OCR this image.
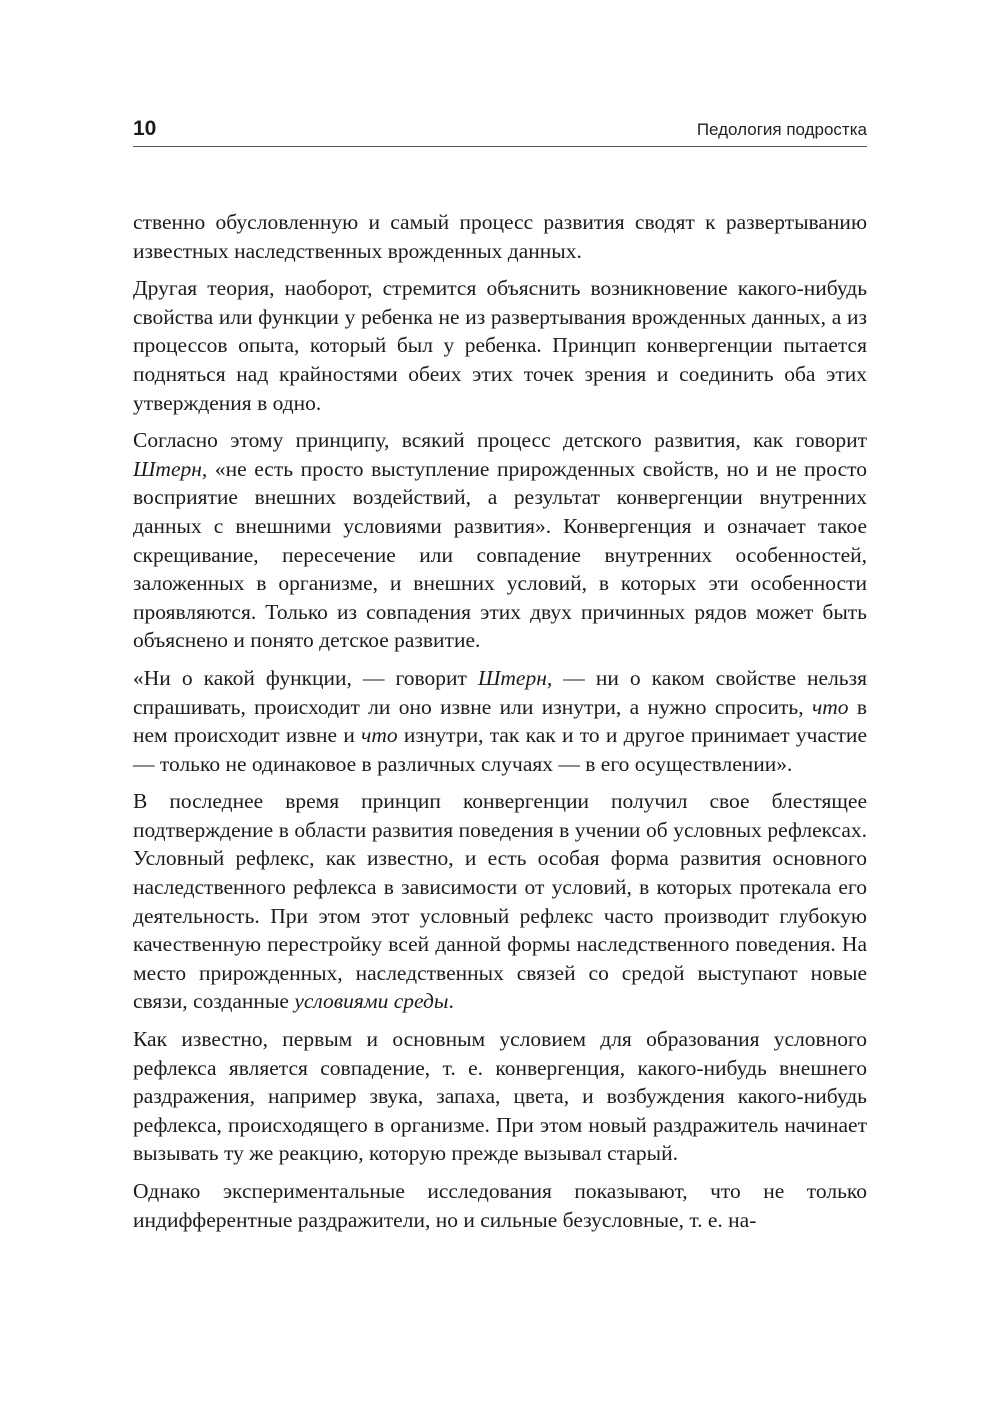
10	Педология подростка

ственно обусловленную и самый процесс развития сводят к развертыванию известных наследственных врожденных данных.

Другая теория, наоборот, стремится объяснить возникновение какого-нибудь свойства или функции у ребенка не из развертывания врожденных данных, а из процессов опыта, который был у ребенка. Принцип конвергенции пытается подняться над крайностями обеих этих точек зрения и соединить оба этих утверждения в одно.

Согласно этому принципу, всякий процесс детского развития, как говорит Штерн, «не есть просто выступление прирожденных свойств, но и не просто восприятие внешних воздействий, а результат конвергенции внутренних данных с внешними условиями развития». Конвергенция и означает такое скрещивание, пересечение или совпадение внутренних особенностей, заложенных в организме, и внешних условий, в которых эти особенности проявляются. Только из совпадения этих двух причинных рядов может быть объяснено и понято детское развитие.

«Ни о какой функции, — говорит Штерн, — ни о каком свойстве нельзя спрашивать, происходит ли оно извне или изнутри, а нужно спросить, что в нем происходит извне и что изнутри, так как и то и другое принимает участие — только не одинаковое в различных случаях — в его осуществлении».

В последнее время принцип конвергенции получил свое блестящее подтверждение в области развития поведения в учении об условных рефлексах. Условный рефлекс, как известно, и есть особая форма развития основного наследственного рефлекса в зависимости от условий, в которых протекала его деятельность. При этом этот условный рефлекс часто производит глубокую качественную перестройку всей данной формы наследственного поведения. На место прирожденных, наследственных связей со средой выступают новые связи, созданные условиями среды.

Как известно, первым и основным условием для образования условного рефлекса является совпадение, т. е. конвергенция, какого-нибудь внешнего раздражения, например звука, запаха, цвета, и возбуждения какого-нибудь рефлекса, происходящего в организме. При этом новый раздражитель начинает вызывать ту же реакцию, которую прежде вызывал старый.

Однако экспериментальные исследования показывают, что не только индифферентные раздражители, но и сильные безусловные, т. е. на-
